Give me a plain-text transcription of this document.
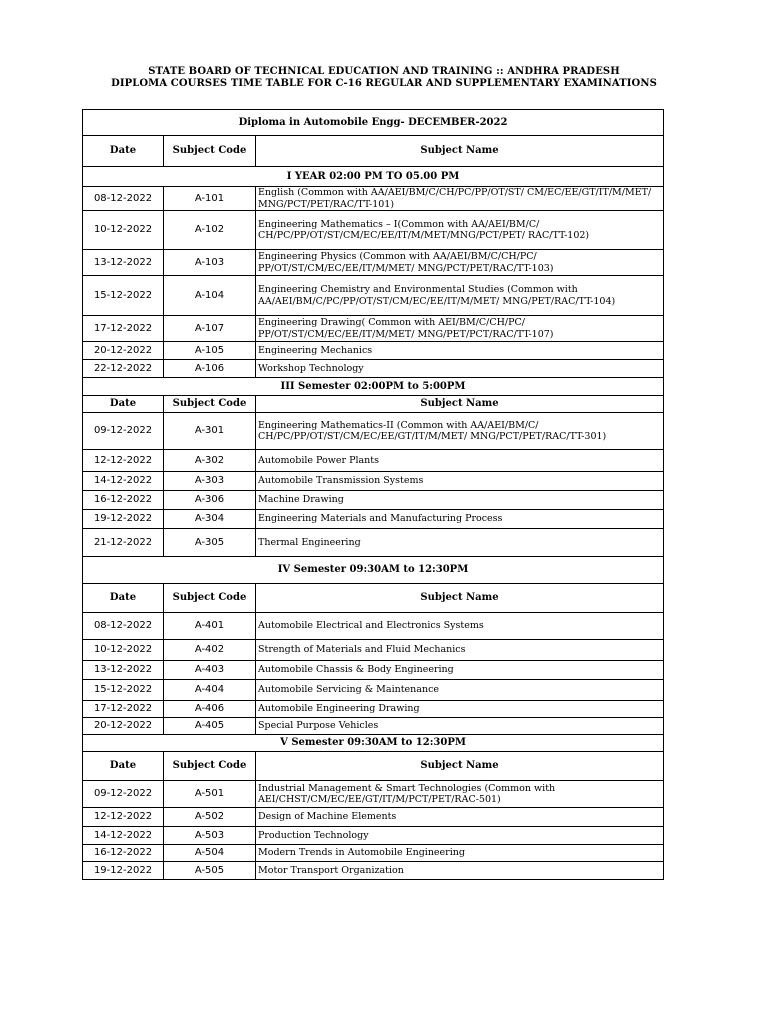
STATE BOARD OF TECHNICAL EDUCATION AND TRAINING :: ANDHRA PRADESH
DIPLOMA COURSES TIME TABLE FOR C-16 REGULAR AND SUPPLEMENTARY EXAMINATIONS
Diploma in Automobile Engg- DECEMBER-2022		
Date	Subject Code	Subject Name
I YEAR 02:00 PM TO 05.00 PM		
08-12-2022	A-101	English (Common with AA/AEI/BM/C/CH/PC/PP/OT/ST/ CM/EC/EE/GT/IT/M/MET/ MNG/PCT/PET/RAC/TT-101)
10-12-2022	A-102	Engineering Mathematics – I(Common with AA/AEI/BM/C/ CH/PC/PP/OT/ST/CM/EC/EE/IT/M/MET/MNG/PCT/PET/ RAC/TT-102)
13-12-2022	A-103	Engineering Physics (Common with AA/AEI/BM/C/CH/PC/ PP/OT/ST/CM/EC/EE/IT/M/MET/ MNG/PCT/PET/RAC/TT-103)
15-12-2022	A-104	Engineering Chemistry and Environmental Studies (Common with AA/AEI/BM/C/PC/PP/OT/ST/CM/EC/EE/IT/M/MET/ MNG/PET/RAC/TT-104)
17-12-2022	A-107	Engineering Drawing( Common with AEI/BM/C/CH/PC/ PP/OT/ST/CM/EC/EE/IT/M/MET/ MNG/PET/PCT/RAC/TT-107)
20-12-2022	A-105	Engineering Mechanics
22-12-2022	A-106	Workshop Technology
III Semester 02:00PM to 5:00PM		
Date	Subject Code	Subject Name
09-12-2022	A-301	Engineering Mathematics-II (Common with AA/AEI/BM/C/ CH/PC/PP/OT/ST/CM/EC/EE/GT/IT/M/MET/ MNG/PCT/PET/RAC/TT-301)
12-12-2022	A-302	Automobile Power Plants
14-12-2022	A-303	Automobile Transmission Systems
16-12-2022	A-306	Machine Drawing
19-12-2022	A-304	Engineering Materials and Manufacturing Process
21-12-2022	A-305	Thermal Engineering
IV Semester 09:30AM to 12:30PM		
Date	Subject Code	Subject Name
08-12-2022	A-401	Automobile Electrical and Electronics Systems
10-12-2022	A-402	Strength of Materials and Fluid Mechanics
13-12-2022	A-403	Automobile Chassis & Body Engineering
15-12-2022	A-404	Automobile Servicing & Maintenance
17-12-2022	A-406	Automobile Engineering Drawing
20-12-2022	A-405	Special Purpose Vehicles
V Semester 09:30AM to 12:30PM		
Date	Subject Code	Subject Name
09-12-2022	A-501	Industrial Management & Smart Technologies (Common with AEI/CHST/CM/EC/EE/GT/IT/M/PCT/PET/RAC-501)
12-12-2022	A-502	Design of Machine Elements
14-12-2022	A-503	Production Technology
16-12-2022	A-504	Modern Trends in Automobile Engineering
19-12-2022	A-505	Motor Transport Organization
